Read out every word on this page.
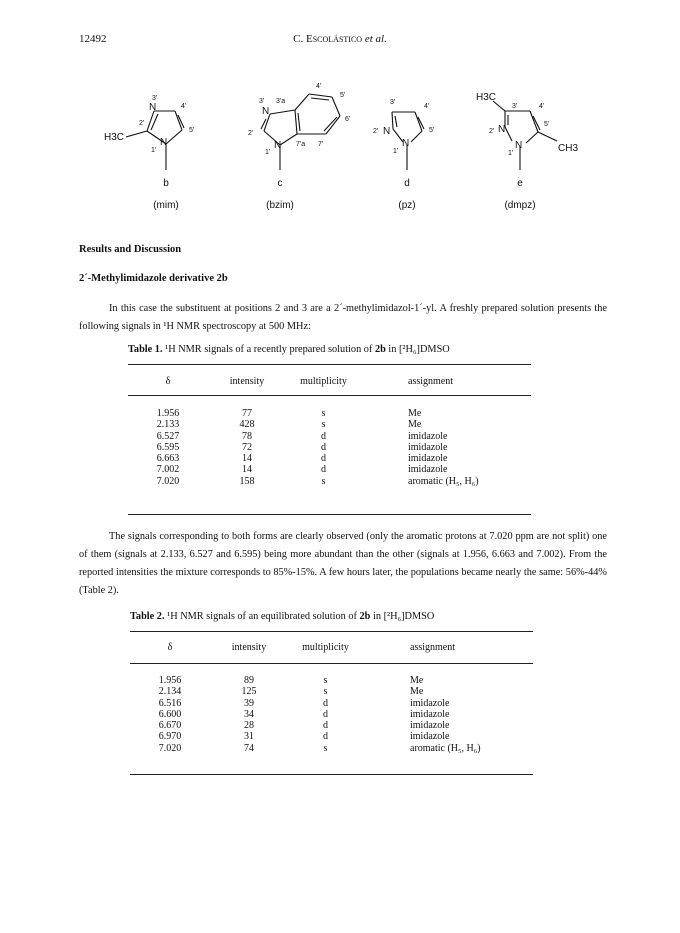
12492	C. Escolástico et al.
N
H3C	N
3'
4'
2'
5'
1'
N
N
3' 3'a
4'
5'
6'
2'
7'a 7'
1'
N
N
3'
4'
2'	5'
1'
H3C
N
N	CH3
3'	4'
2'
5'
1'
b
(mim)
c
(bzim)
d
(pz)
e
(dmpz)
Results and Discussion
2´-Methylimidazole derivative 2b
In this case the substituent at positions 2 and 3 are a 2´-methylimidazol-1´-yl. A freshly prepared solution presents the following signals in ¹H NMR spectroscopy at 500 MHz:
Table 1. ¹H NMR signals of a recently prepared solution of 2b in [²H₆]DMSO
δ	intensity	multiplicity	assignment
1.956	77	s	Me
2.133	428	s	Me
6.527	78	d	imidazole
6.595	72	d	imidazole
6.663	14	d	imidazole
7.002	14	d	imidazole
7.020	158	s	aromatic (H₅, H₆)
The signals corresponding to both forms are clearly observed (only the aromatic protons at 7.020 ppm are not split) one of them (signals at 2.133, 6.527 and 6.595) being more abundant than the other (signals at 1.956, 6.663 and 7.002). From the reported intensities the mixture corresponds to 85%-15%. A few hours later, the populations became nearly the same: 56%-44% (Table 2).
Table 2. ¹H NMR signals of an equilibrated solution of 2b in [²H₆]DMSO
δ	intensity	multiplicity	assignment
1.956	89	s	Me
2.134	125	s	Me
6.516	39	d	imidazole
6.600	34	d	imidazole
6.670	28	d	imidazole
6.970	31	d	imidazole
7.020	74	s	aromatic (H₅, H₆)
